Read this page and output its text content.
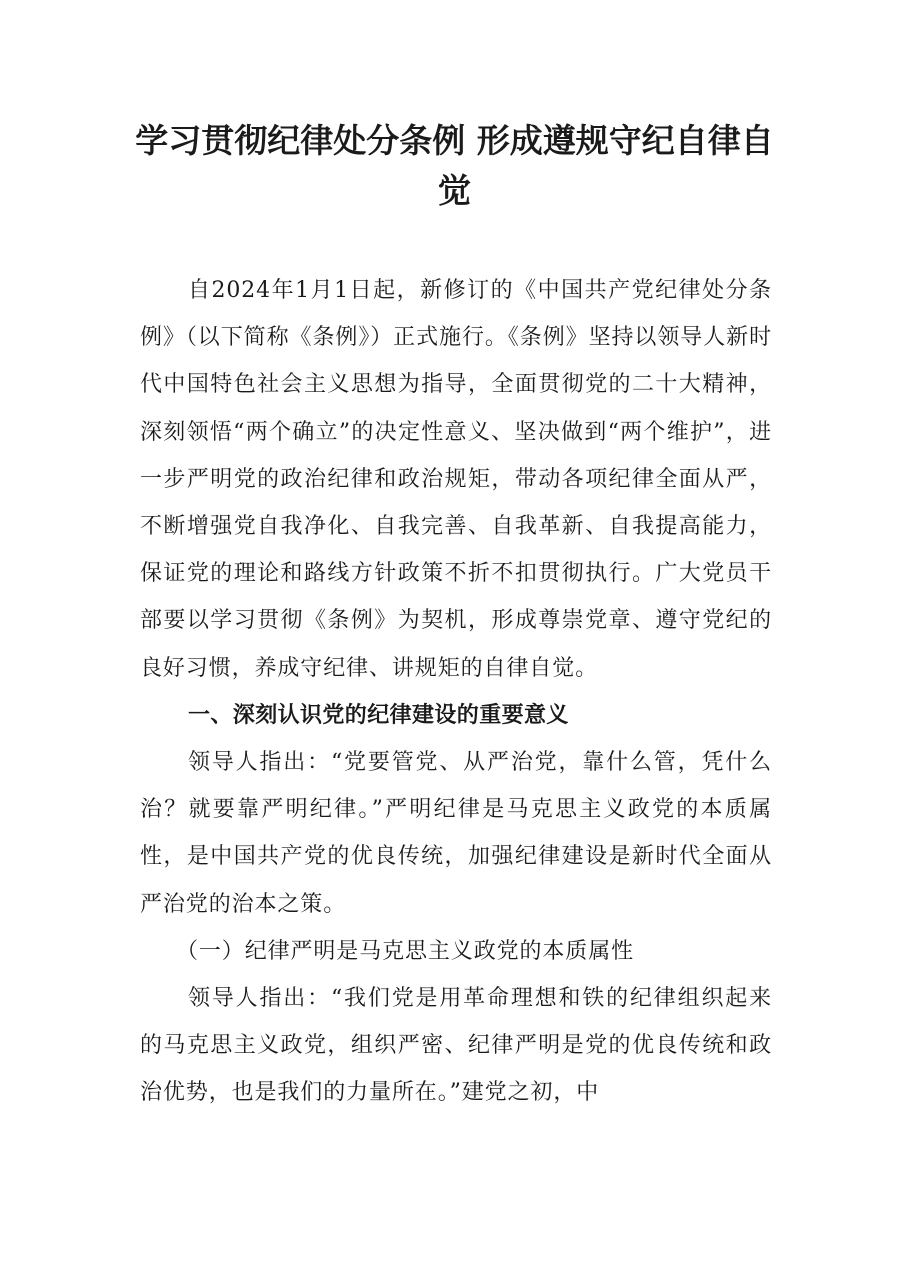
学习贯彻纪律处分条例 形成遵规守纪自律自觉

自2024年1月1日起，新修订的《中国共产党纪律处分条例》（以下简称《条例》）正式施行。《条例》坚持以领导人新时代中国特色社会主义思想为指导，全面贯彻党的二十大精神，深刻领悟“两个确立”的决定性意义、坚决做到“两个维护”，进一步严明党的政治纪律和政治规矩，带动各项纪律全面从严，不断增强党自我净化、自我完善、自我革新、自我提高能力，保证党的理论和路线方针政策不折不扣贯彻执行。广大党员干部要以学习贯彻《条例》为契机，形成尊崇党章、遵守党纪的良好习惯，养成守纪律、讲规矩的自律自觉。

一、深刻认识党的纪律建设的重要意义

领导人指出：“党要管党、从严治党，靠什么管，凭什么治？就要靠严明纪律。”严明纪律是马克思主义政党的本质属性，是中国共产党的优良传统，加强纪律建设是新时代全面从严治党的治本之策。

（一）纪律严明是马克思主义政党的本质属性

领导人指出：“我们党是用革命理想和铁的纪律组织起来的马克思主义政党，组织严密、纪律严明是党的优良传统和政治优势，也是我们的力量所在。”建党之初，中
